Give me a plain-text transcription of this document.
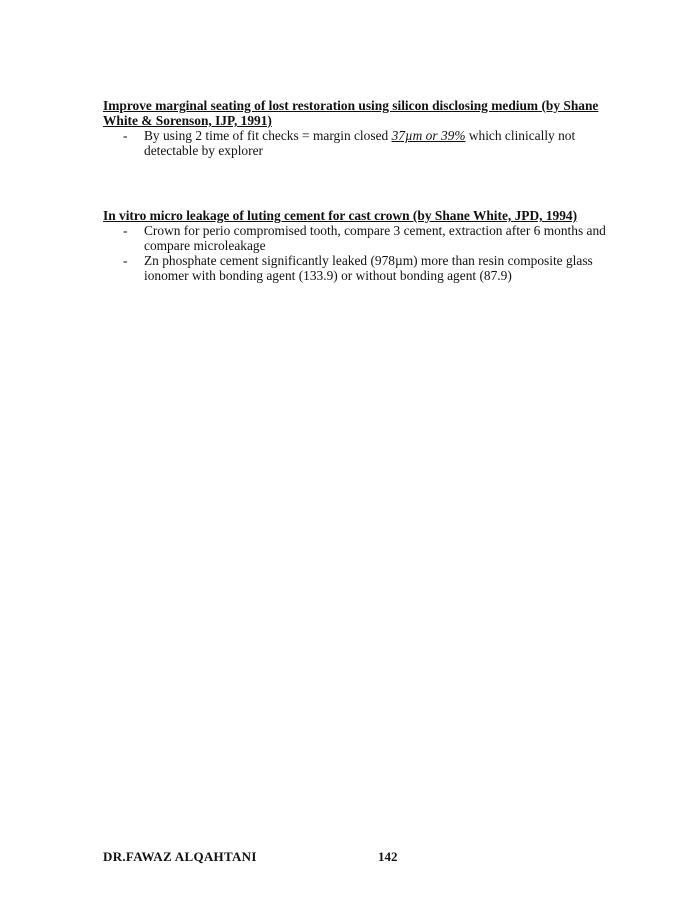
Improve marginal seating of lost restoration using silicon disclosing medium (by Shane White & Sorenson, IJP, 1991)

- By using 2 time of fit checks = margin closed 37µm or 39% which clinically not detectable by explorer

In vitro micro leakage of luting cement for cast crown (by Shane White, JPD, 1994)

- Crown for perio compromised tooth, compare 3 cement, extraction after 6 months and compare microleakage
- Zn phosphate cement significantly leaked (978µm) more than resin composite glass ionomer with bonding agent (133.9) or without bonding agent (87.9)
DR.FAWAZ ALQAHTANI	142
